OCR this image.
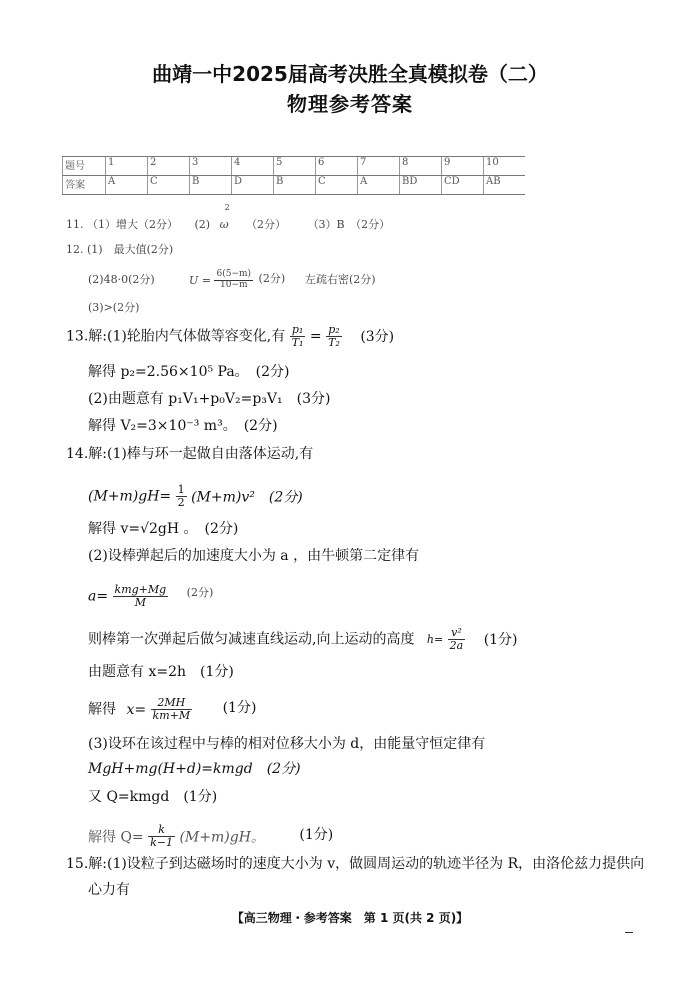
曲靖一中2025届高考决胜全真模拟卷（二）
物理参考答案
题号	1	2	3	4	5	6	7	8	9	10
答案	A	C	B	D	B	C	A	BD	CD	AB
11. （1）增大（2分）　　(2) ω
2
（2分） （3）B　（2分）
12. (1)　最大值(2分)
(2)48·0(2分)	$U = \frac{6(5-m)}{10-m} (2$分) 左疏右密(2分)
(3)>(2分)
13.解:(1)轮胎内气体做等容变化,有 $\frac{\text{p₁}}{\text{T₁}} = \frac{\text{p₂}}{\text{T₂}} (3$分)
解得 p₂=2.56×10⁵ Pa。　(2分)
(2)由题意有 p₁V₁+p₀V₂=p₃V₁　(3分)
解得 V₂=3×10⁻³ m³。　(2分)
14.解:(1)棒与环一起做自由落体运动,有
$(M+m)gH= \frac{1}{2} (M+m)v^2$　(2分)
解得 v=√2gH 。　(2分)
(2)设棒弹起后的加速度大小为 a ，由牛顿第二定律有
$a= \frac{\text{kmg+Mg}}{M} ^{(2分)}$
则棒第一次弹起后做匀减速直线运动,向上运动的高度 $h= \frac{\text{v²}}{2a} (1$分)
由题意有 x=2h　(1分)
解得 $x= \frac{2MH}{km+M} (1$分)
(3)设环在该过程中与棒的相对位移大小为 d，由能量守恒定律有
MgH+mg(H+d)=kmgd　(2分)
又 Q=kmgd　(1分)
解得 $Q= \frac{k}{k-1} (M+m)gH$。 (1分)
15.解:(1)设粒子到达磁场时的速度大小为 v，做圆周运动的轨迹半径为 R，由洛伦兹力提供向
心力有
【高三物理・参考答案　第 1 页(共 2 页)】
